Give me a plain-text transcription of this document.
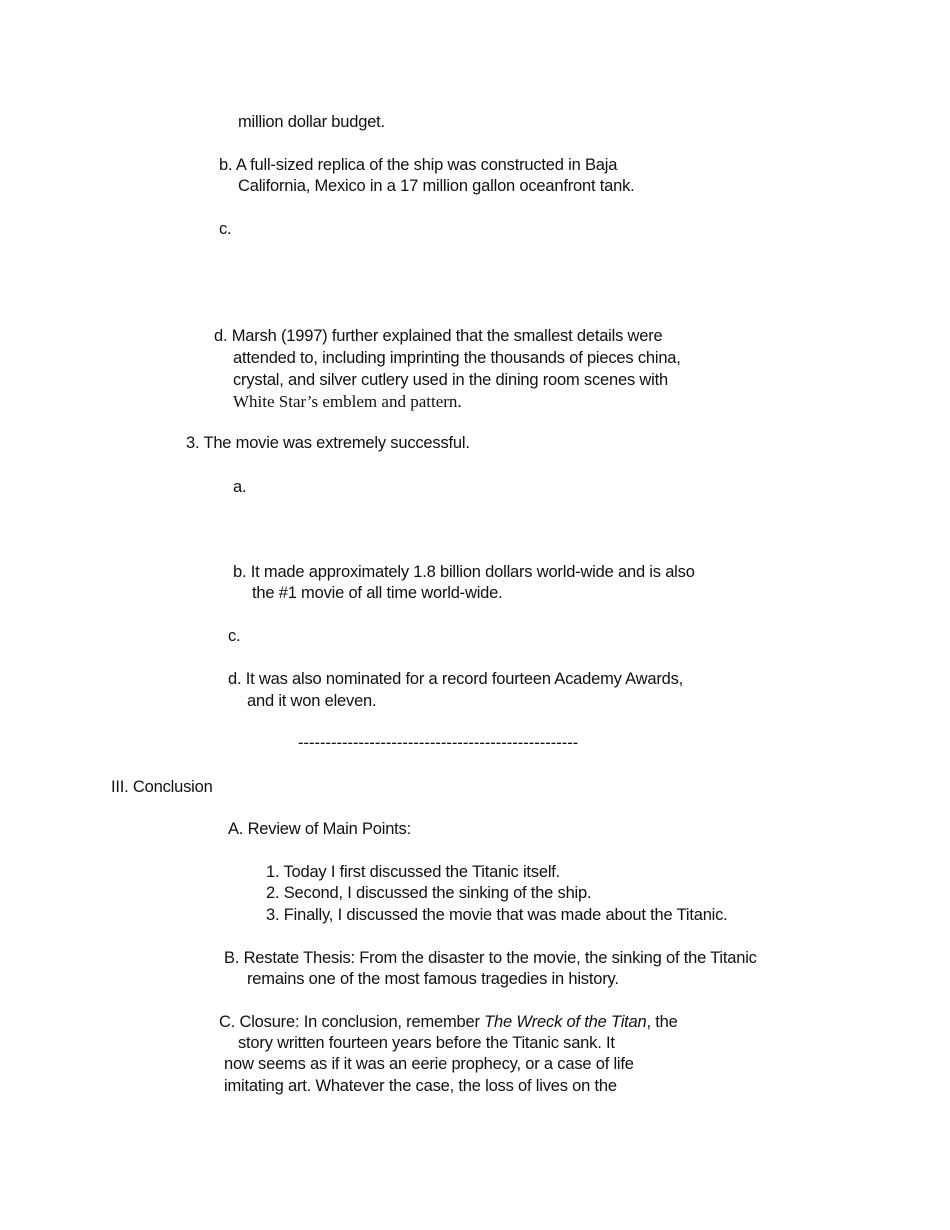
million dollar budget.
b. A full-sized replica of the ship was constructed in Baja
California, Mexico in a 17 million gallon oceanfront tank.
c.
d. Marsh (1997) further explained that the smallest details were
attended to, including imprinting the thousands of pieces china,
crystal, and silver cutlery used in the dining room scenes with
White Star’s emblem and pattern.
3. The movie was extremely successful.
a.
b. It made approximately 1.8 billion dollars world-wide and is also
the #1 movie of all time world-wide.
c.
d. It was also nominated for a record fourteen Academy Awards,
and it won eleven.
---------------------------------------------------
III. Conclusion
A. Review of Main Points:
1. Today I first discussed the Titanic itself.
2. Second, I discussed the sinking of the ship.
3. Finally, I discussed the movie that was made about the Titanic.
B. Restate Thesis: From the disaster to the movie, the sinking of the Titanic
remains one of the most famous tragedies in history.
C. Closure: In conclusion, remember The Wreck of the Titan, the
story written fourteen years before the Titanic sank. It
now seems as if it was an eerie prophecy, or a case of life
imitating art. Whatever the case, the loss of lives on the
